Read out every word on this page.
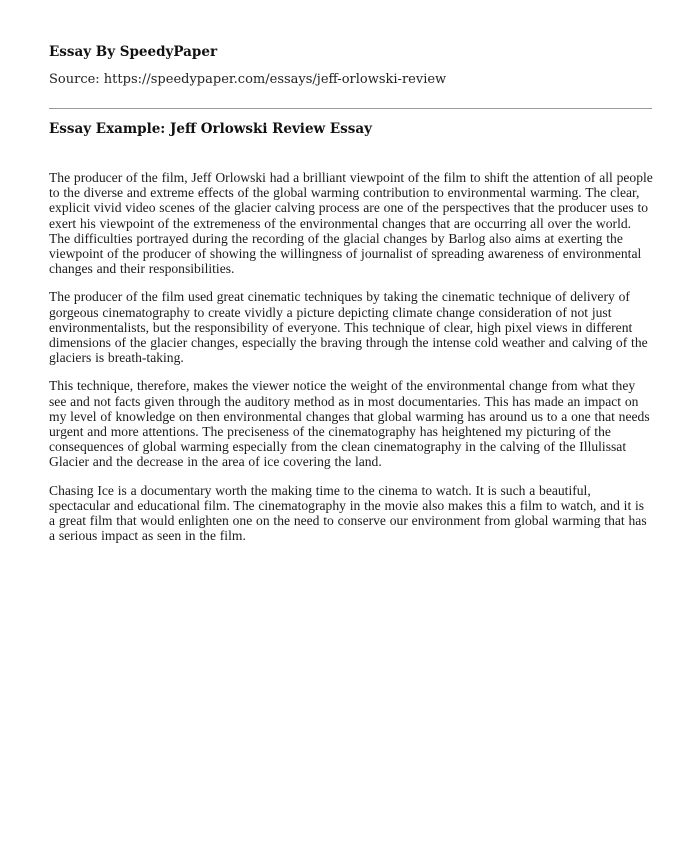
Essay By SpeedyPaper
Source: https://speedypaper.com/essays/jeff-orlowski-review
Essay Example: Jeff Orlowski Review Essay

The producer of the film, Jeff Orlowski had a brilliant viewpoint of the film to shift the attention of all people to the diverse and extreme effects of the global warming contribution to environmental warming. The clear, explicit vivid video scenes of the glacier calving process are one of the perspectives that the producer uses to exert his viewpoint of the extremeness of the environmental changes that are occurring all over the world. The difficulties portrayed during the recording of the glacial changes by Barlog also aims at exerting the viewpoint of the producer of showing the willingness of journalist of spreading awareness of environmental changes and their responsibilities.

The producer of the film used great cinematic techniques by taking the cinematic technique of delivery of gorgeous cinematography to create vividly a picture depicting climate change consideration of not just environmentalists, but the responsibility of everyone. This technique of clear, high pixel views in different dimensions of the glacier changes, especially the braving through the intense cold weather and calving of the glaciers is breath-taking.

This technique, therefore, makes the viewer notice the weight of the environmental change from what they see and not facts given through the auditory method as in most documentaries. This has made an impact on my level of knowledge on then environmental changes that global warming has around us to a one that needs urgent and more attentions. The preciseness of the cinematography has heightened my picturing of the consequences of global warming especially from the clean cinematography in the calving of the Illulissat Glacier and the decrease in the area of ice covering the land.

Chasing Ice is a documentary worth the making time to the cinema to watch. It is such a beautiful, spectacular and educational film. The cinematography in the movie also makes this a film to watch, and it is a great film that would enlighten one on the need to conserve our environment from global warming that has a serious impact as seen in the film.
